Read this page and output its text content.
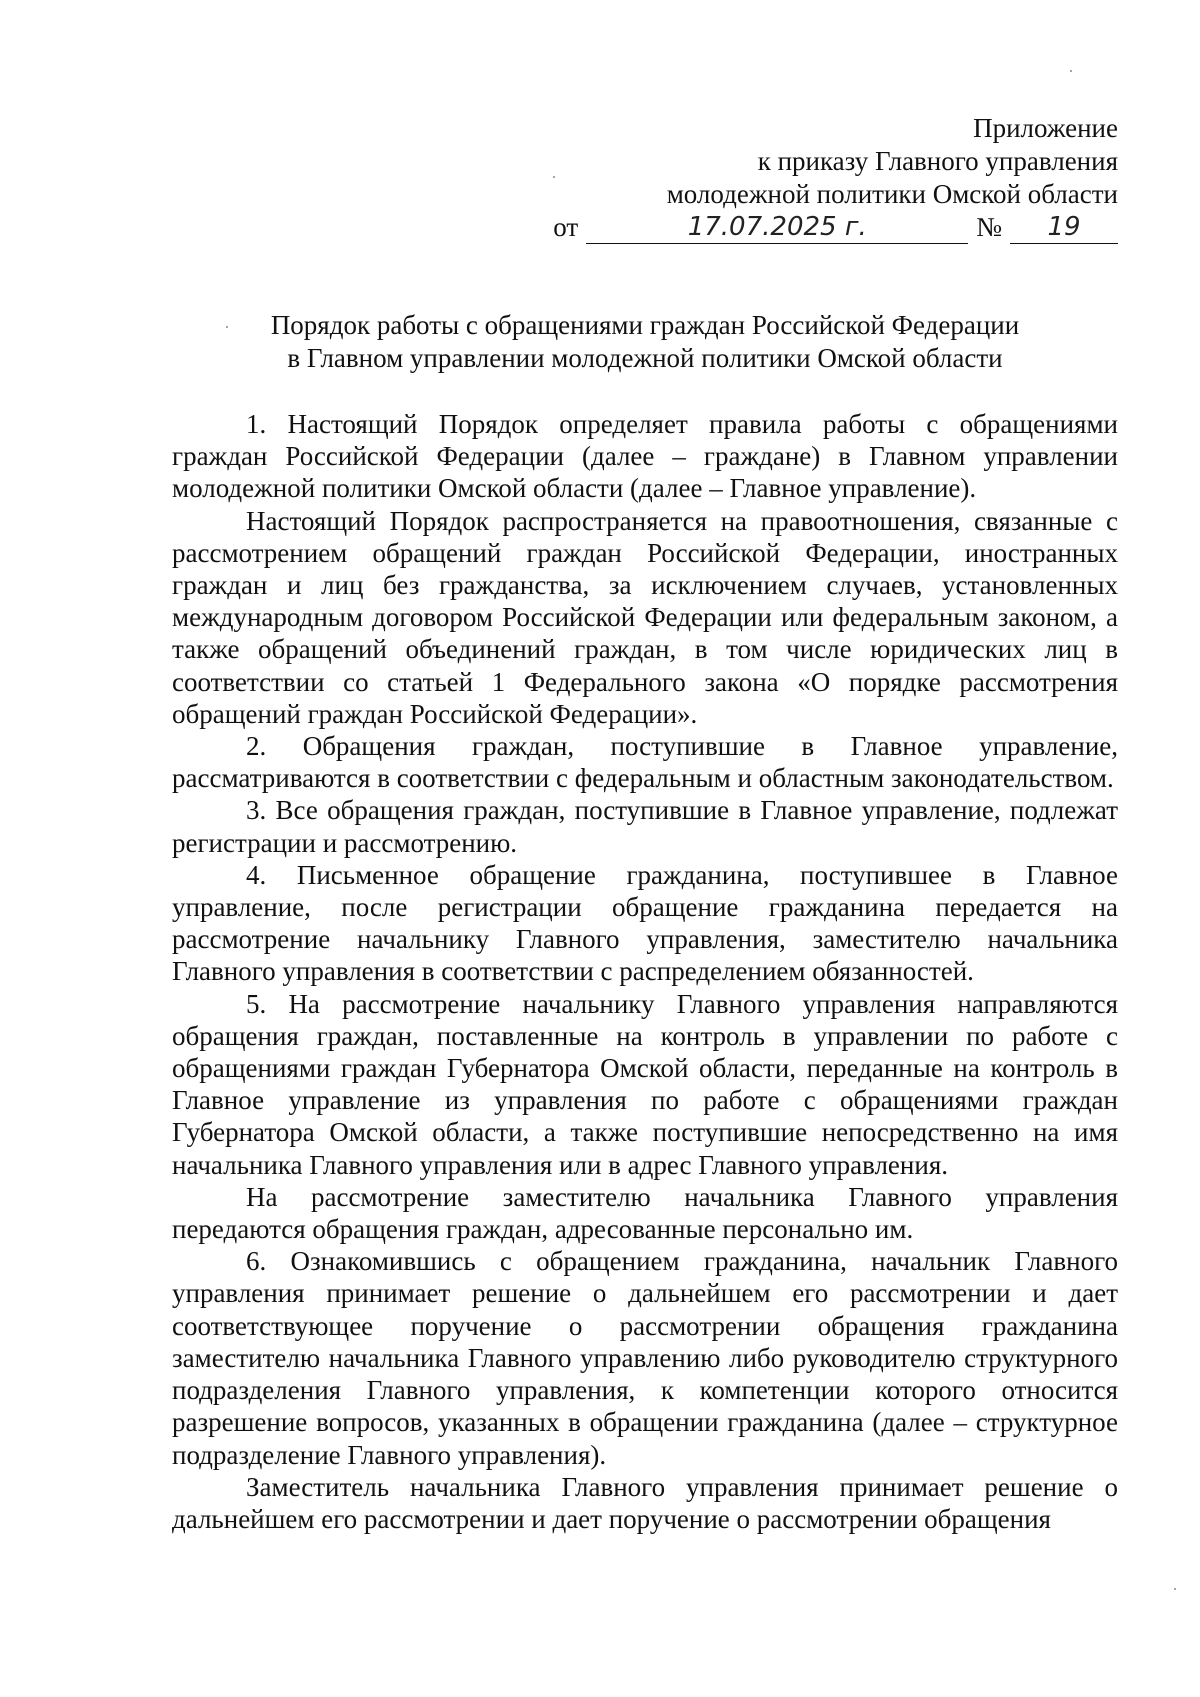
Приложение
к приказу Главного управления
молодежной политики Омской области
от	17.07.2025 г.	№	19
Порядок работы с обращениями граждан Российской Федерации
в Главном управлении молодежной политики Омской области

1. Настоящий Порядок определяет правила работы с обращениями граждан Российской Федерации (далее – граждане) в Главном управлении молодежной политики Омской области (далее – Главное управление).

Настоящий Порядок распространяется на правоотношения, связанные с рассмотрением обращений граждан Российской Федерации, иностранных граждан и лиц без гражданства, за исключением случаев, установленных международным договором Российской Федерации или федеральным законом, а также обращений объединений граждан, в том числе юридических лиц в соответствии со статьей 1 Федерального закона «О порядке рассмотрения обращений граждан Российской Федерации».

2. Обращения граждан, поступившие в Главное управление, рассматриваются в соответствии с федеральным и областным законодательством.

3. Все обращения граждан, поступившие в Главное управление, подлежат регистрации и рассмотрению.

4. Письменное обращение гражданина, поступившее в Главное управление, после регистрации обращение гражданина передается на рассмотрение начальнику Главного управления, заместителю начальника Главного управления в соответствии с распределением обязанностей.

5. На рассмотрение начальнику Главного управления направляются обращения граждан, поставленные на контроль в управлении по работе с обращениями граждан Губернатора Омской области, переданные на контроль в Главное управление из управления по работе с обращениями граждан Губернатора Омской области, а также поступившие непосредственно на имя начальника Главного управления или в адрес Главного управления.

На рассмотрение заместителю начальника Главного управления передаются обращения граждан, адресованные персонально им.

6. Ознакомившись с обращением гражданина, начальник Главного управления принимает решение о дальнейшем его рассмотрении и дает соответствующее поручение о рассмотрении обращения гражданина заместителю начальника Главного управлению либо руководителю структурного подразделения Главного управления, к компетенции которого относится разрешение вопросов, указанных в обращении гражданина (далее – структурное подразделение Главного управления).

Заместитель начальника Главного управления принимает решение о дальнейшем его рассмотрении и дает поручение о рассмотрении обращения
